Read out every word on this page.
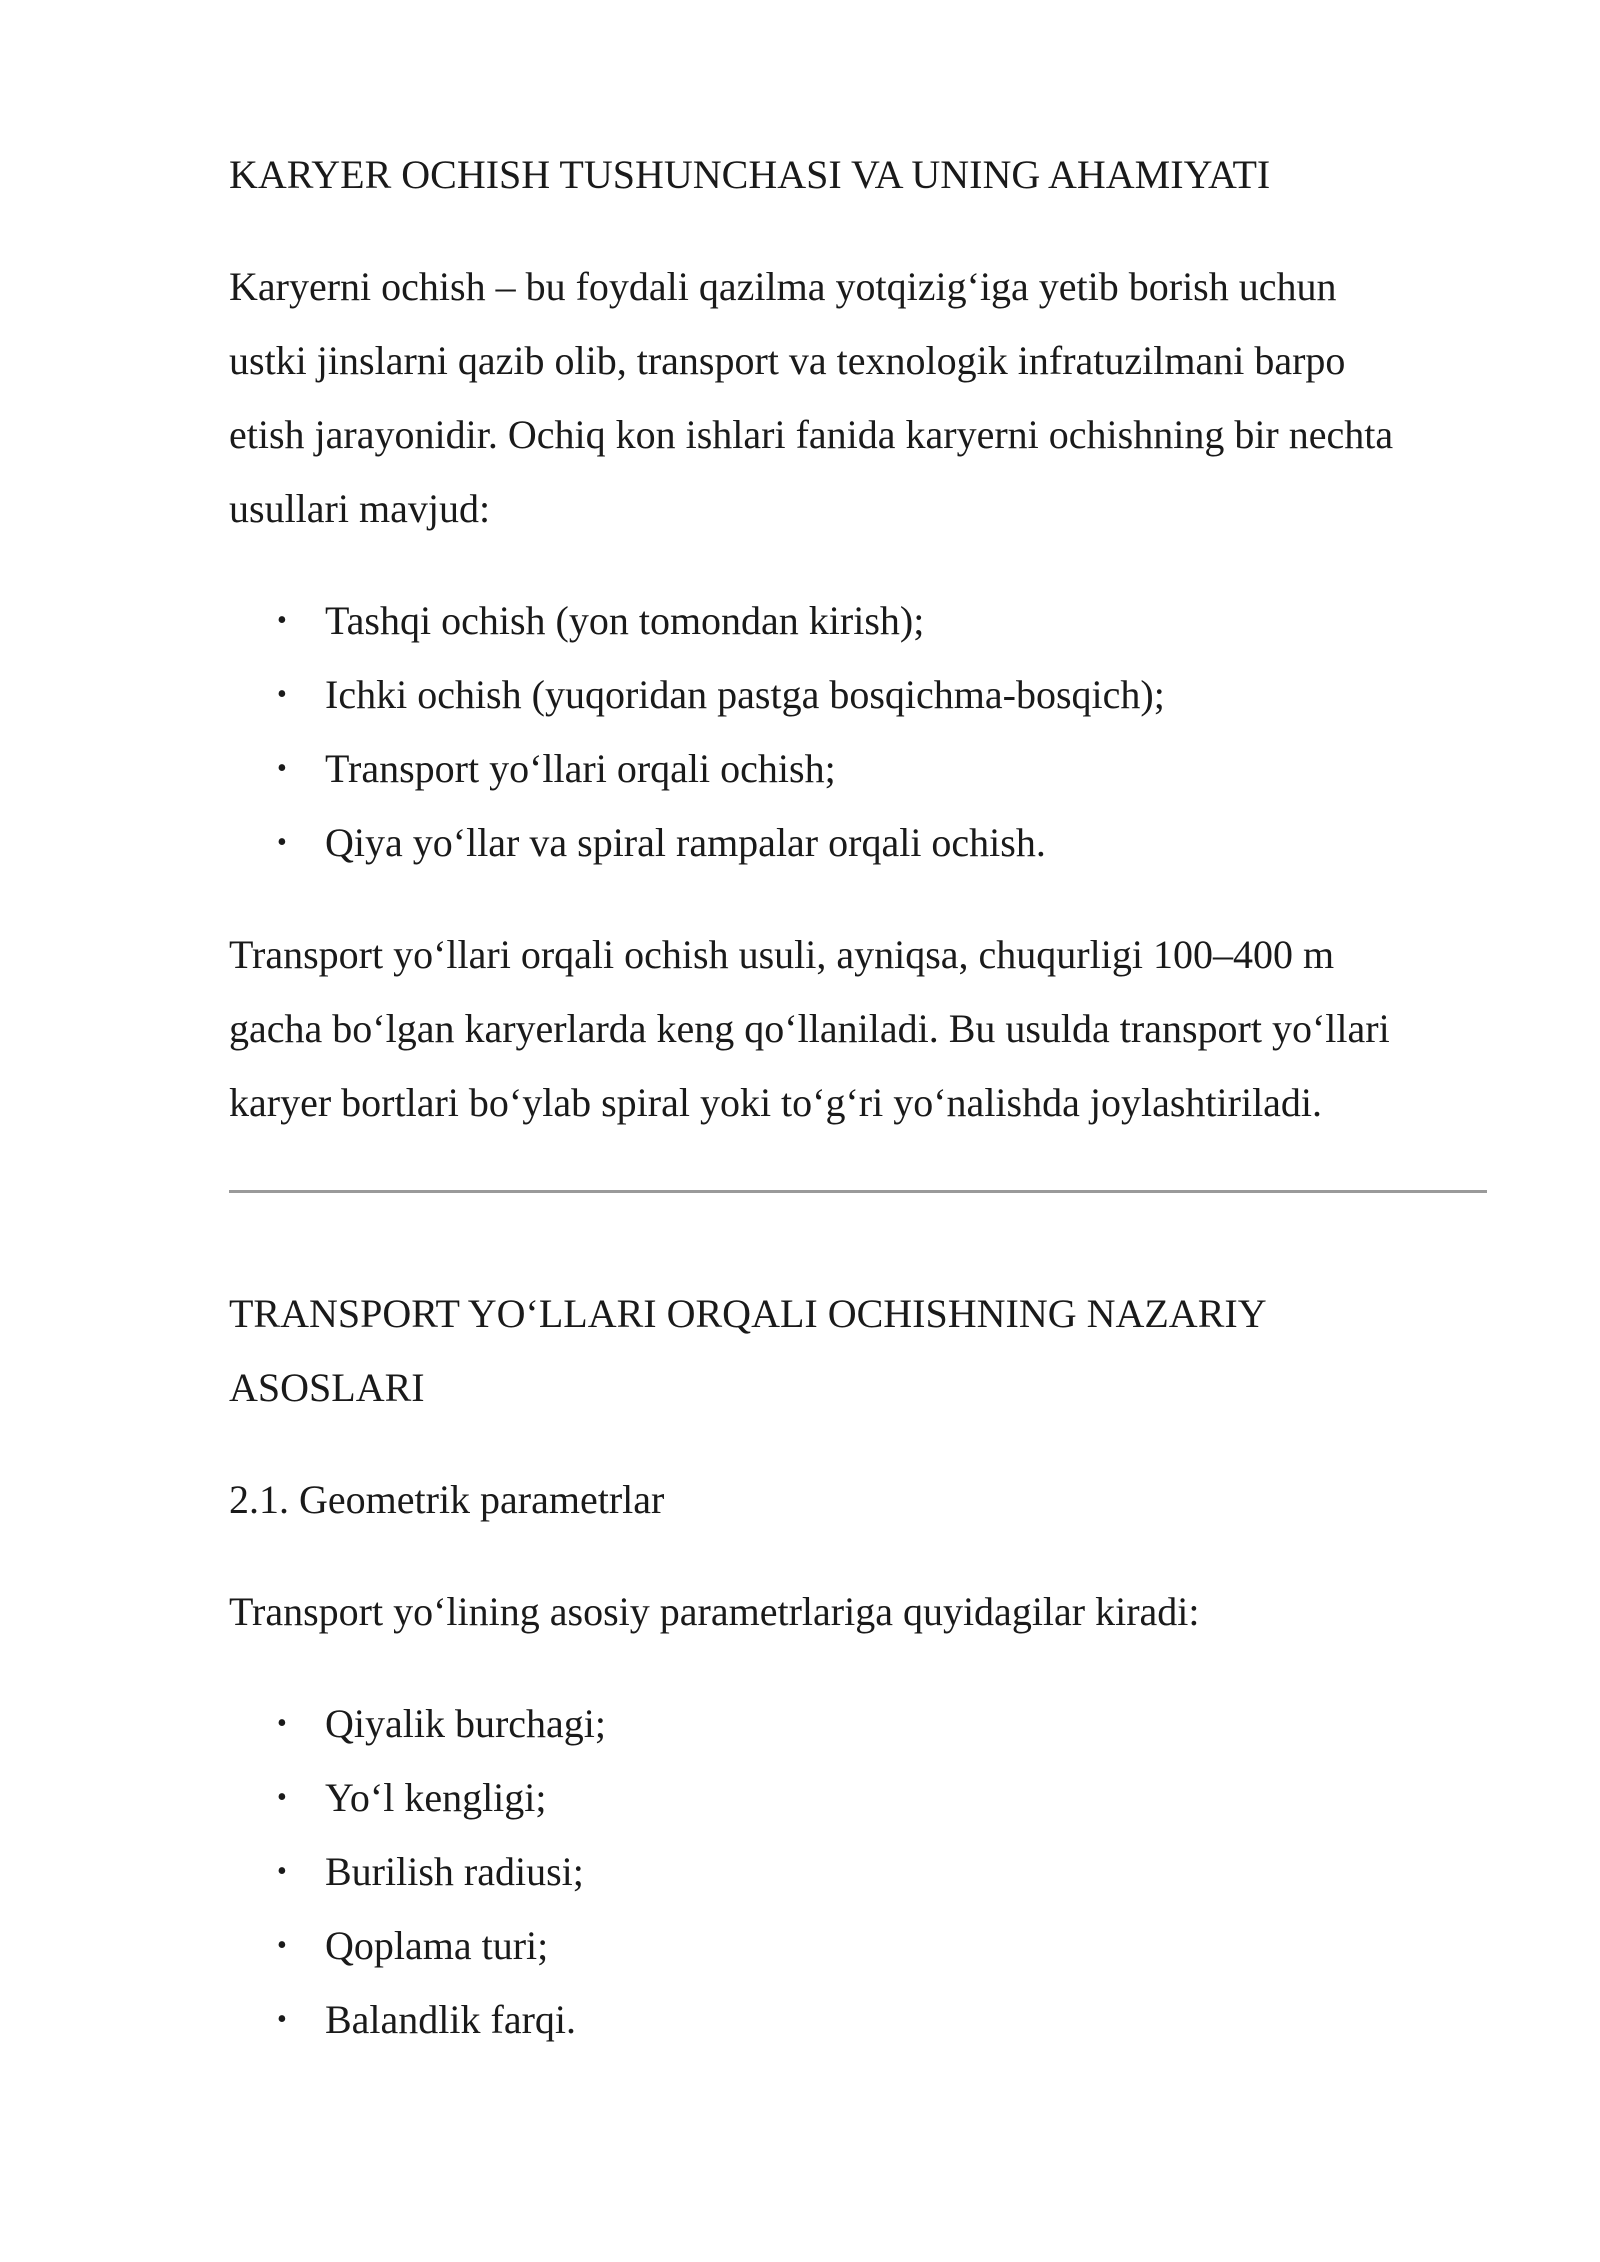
KARYER OCHISH TUSHUNCHASI VA UNING AHAMIYATI

Karyerni ochish – bu foydali qazilma yotqizig‘iga yetib borish uchun

ustki jinslarni qazib olib, transport va texnologik infratuzilmani barpo

etish jarayonidir. Ochiq kon ishlari fanida karyerni ochishning bir nechta

usullari mavjud:

• Tashqi ochish (yon tomondan kirish);
• Ichki ochish (yuqoridan pastga bosqichma-bosqich);
• Transport yo‘llari orqali ochish;
• Qiya yo‘llar va spiral rampalar orqali ochish.

Transport yo‘llari orqali ochish usuli, ayniqsa, chuqurligi 100–400 m

gacha bo‘lgan karyerlarda keng qo‘llaniladi. Bu usulda transport yo‘llari

karyer bortlari bo‘ylab spiral yoki to‘g‘ri yo‘nalishda joylashtiriladi.

TRANSPORT YO‘LLARI ORQALI OCHISHNING NAZARIY
ASOSLARI
2.1. Geometrik parametrlar

Transport yo‘lining asosiy parametrlariga quyidagilar kiradi:

• Qiyalik burchagi;
• Yo‘l kengligi;
• Burilish radiusi;
• Qoplama turi;
• Balandlik farqi.
